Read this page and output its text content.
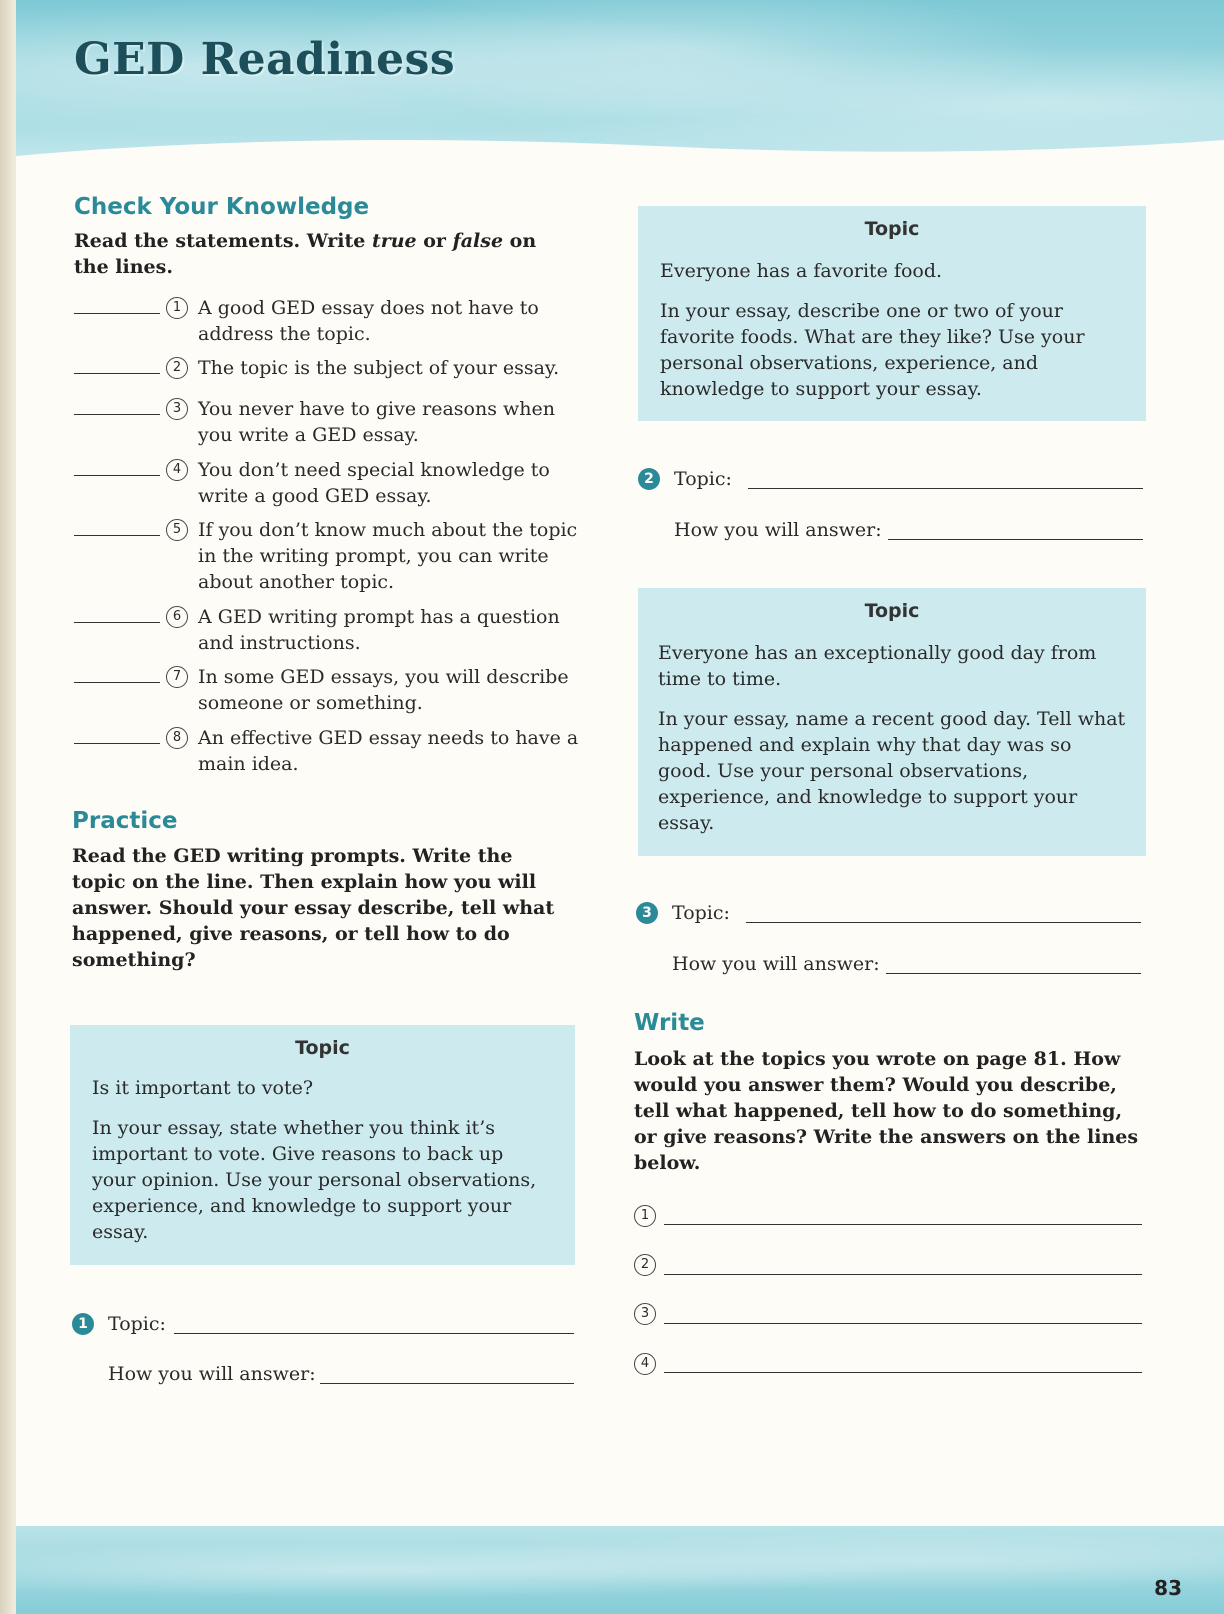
GED Readiness
Check Your Knowledge

Read the statements. Write true or false on the lines.

1 A good GED essay does not have to address the topic.
2 The topic is the subject of your essay.
3 You never have to give reasons when you write a GED essay.
4 You don’t need special knowledge to write a good GED essay.
5 If you don’t know much about the topic in the writing prompt, you can write about another topic.
6 A GED writing prompt has a question and instructions.
7 In some GED essays, you will describe someone or something.
8 An effective GED essay needs to have a main idea.
Practice

Read the GED writing prompts. Write the topic on the line. Then explain how you will answer. Should your essay describe, tell what happened, give reasons, or tell how to do something?

Topic

Is it important to vote?

In your essay, state whether you think it’s important to vote. Give reasons to back up your opinion. Use your personal observations, experience, and knowledge to support your essay.

1	Topic:
How you will answer:
Topic

Everyone has a favorite food.

In your essay, describe one or two of your favorite foods. What are they like? Use your personal observations, experience, and knowledge to support your essay.

2	Topic:
How you will answer:
Topic

Everyone has an exceptionally good day from time to time.

In your essay, name a recent good day. Tell what happened and explain why that day was so good. Use your personal observations, experience, and knowledge to support your essay.

3	Topic:
How you will answer:
Write

Look at the topics you wrote on page 81. How would you answer them? Would you describe, tell what happened, tell how to do something, or give reasons? Write the answers on the lines below.

1
2
3
4
83
